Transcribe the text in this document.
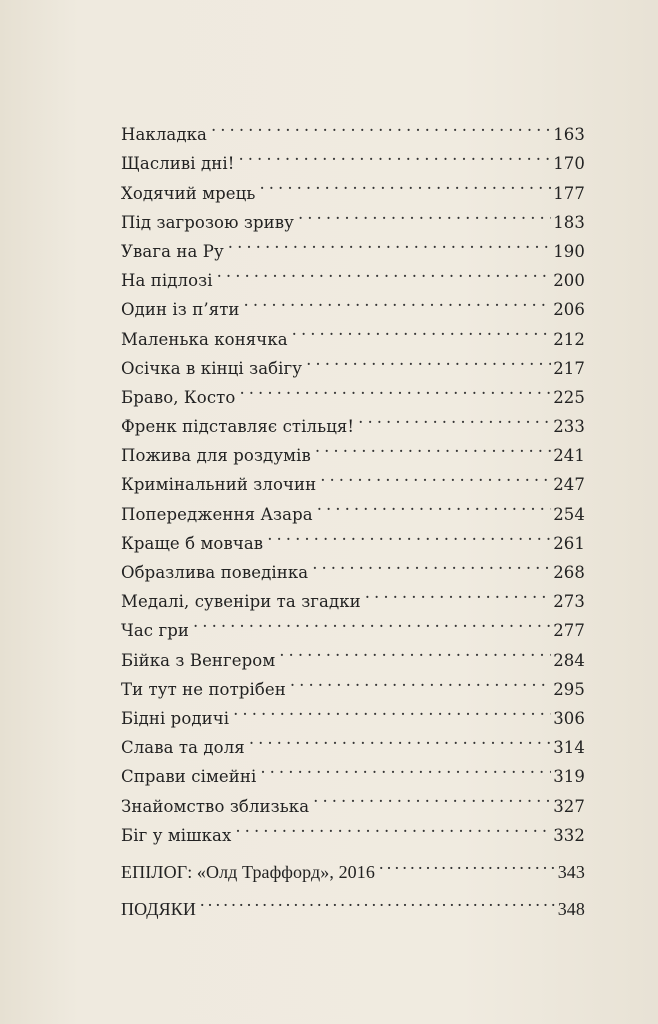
Накладка . . .	163
Щасливі дні! . . .	170
Ходячий мрець . . .	177
Під загрозою зриву . . .	183
Увага на Ру . . .	190
На підлозі . . .	200
Один із п’яти . . .	206
Маленька конячка . . .	212
Осічка в кінці забігу . . .	217
Браво, Косто . . .	225
Френк підставляє стільця! . . .	233
Пожива для роздумів . . .	241
Кримінальний злочин . . .	247
Попередження Азара . . .	254
Краще б мовчав . . .	261
Образлива поведінка . . .	268
Медалі, сувеніри та згадки . . .	273
Час гри . . .	277
Бійка з Венгером . . .	284
Ти тут не потрібен . . .	295
Бідні родичі . . .	306
Слава та доля . . .	314
Справи сімейні . . .	319
Знайомство зблизька . . .	327
Біг у мішках . . .	332
ЕПІЛОГ: «Олд Траффорд», 2016 . . .	343
ПОДЯКИ . . .	348
